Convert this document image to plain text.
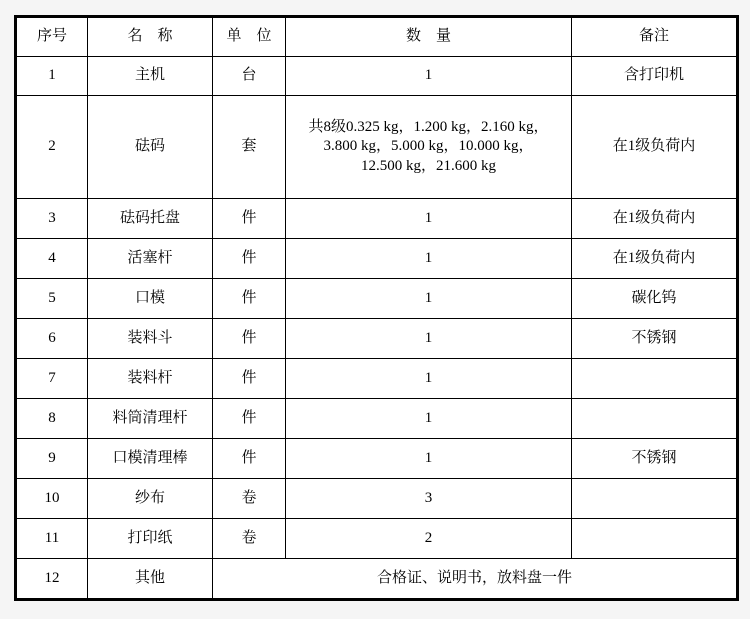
序号	名　称	单　位	数　量	备注
1	主机	台	1	含打印机
2	砝码	套	共8级0.325 kg，1.200 kg，2.160 kg，
3.800 kg，5.000 kg，10.000 kg，
12.500 kg，21.600 kg	在1级负荷内
3	砝码托盘	件	1	在1级负荷内
4	活塞杆	件	1	在1级负荷内
5	口模	件	1	碳化钨
6	装料斗	件	1	不锈钢
7	装料杆	件	1	
8	料筒清理杆	件	1	
9	口模清理棒	件	1	不锈钢
10	纱布	卷	3	
11	打印纸	卷	2	
12	其他	合格证、说明书，放料盘一件		
